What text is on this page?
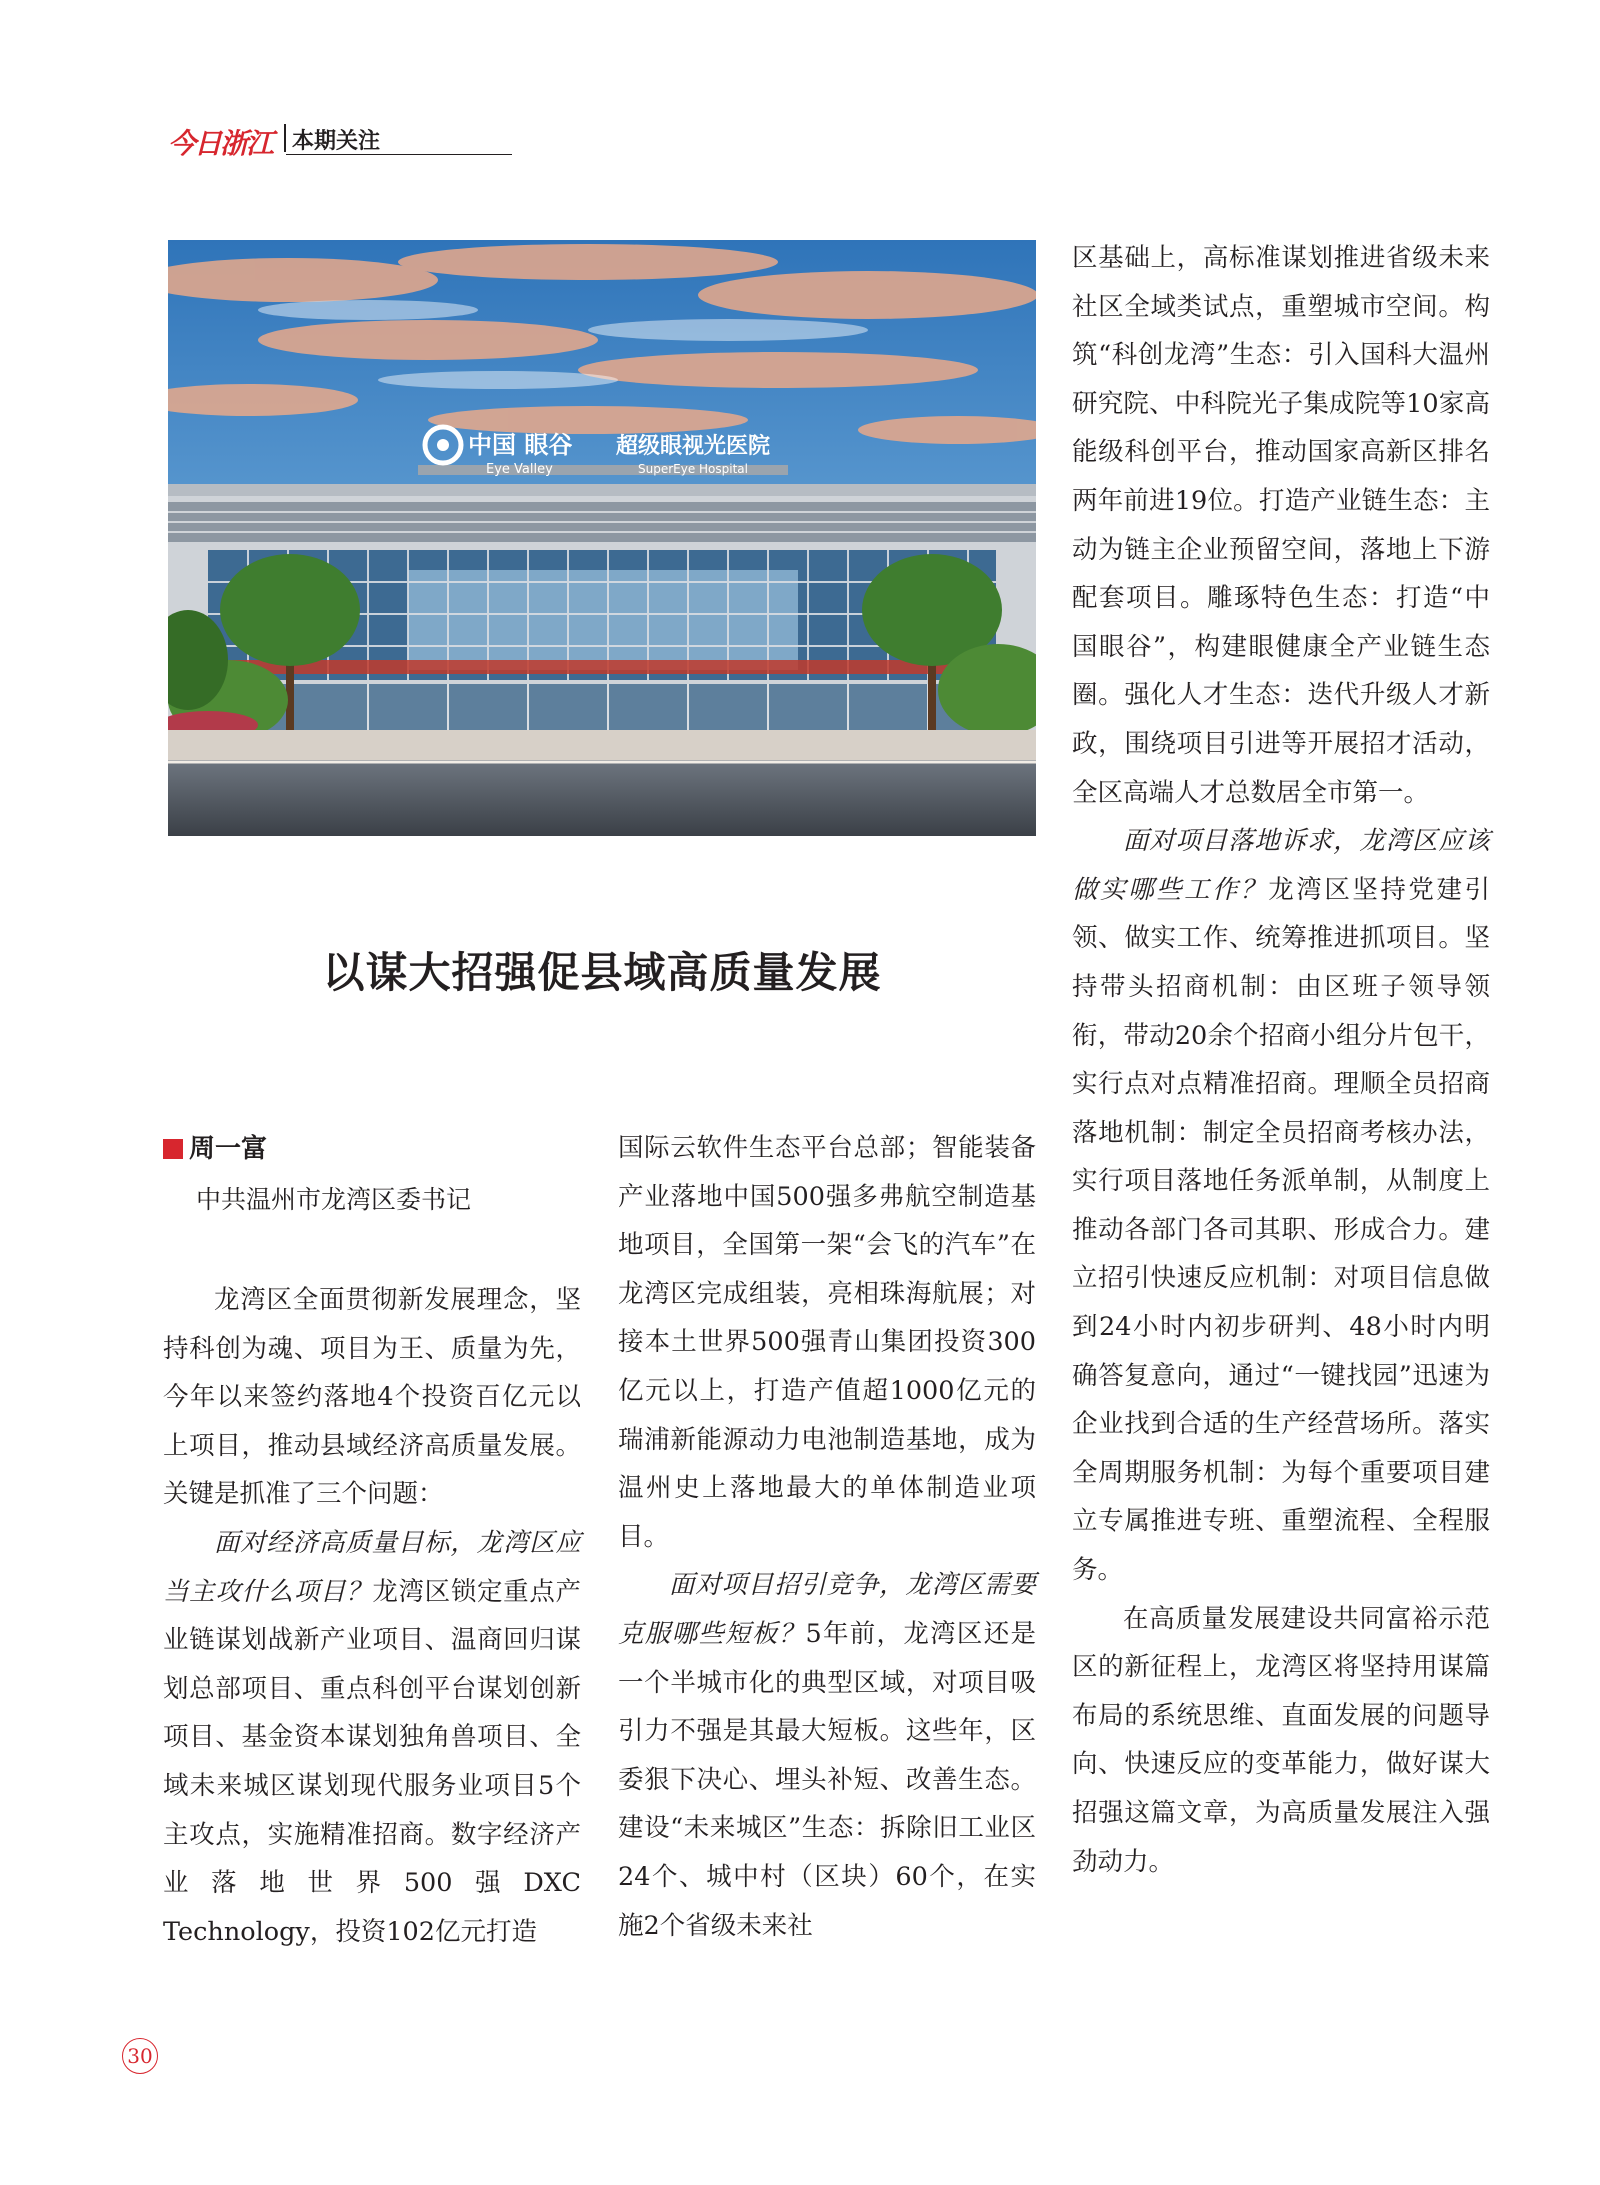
今日浙江 本期关注
中国 眼谷
Eye Valley
超级眼视光医院
SuperEye Hospital
以谋大招强促县域高质量发展
周一富
中共温州市龙湾区委书记

龙湾区全面贯彻新发展理念，坚持科创为魂、项目为王、质量为先，今年以来签约落地4个投资百亿元以上项目，推动县域经济高质量发展。关键是抓准了三个问题：

面对经济高质量目标，龙湾区应当主攻什么项目？龙湾区锁定重点产业链谋划战新产业项目、温商回归谋划总部项目、重点科创平台谋划创新项目、基金资本谋划独角兽项目、全域未来城区谋划现代服务业项目5个主攻点，实施精准招商。数字经济产业落地世界500强DXC Technology，投资102亿元打造

国际云软件生态平台总部；智能装备产业落地中国500强多弗航空制造基地项目，全国第一架“会飞的汽车”在龙湾区完成组装，亮相珠海航展；对接本土世界500强青山集团投资300亿元以上，打造产值超1000亿元的瑞浦新能源动力电池制造基地，成为温州史上落地最大的单体制造业项目。

面对项目招引竞争，龙湾区需要克服哪些短板？5年前，龙湾区还是一个半城市化的典型区域，对项目吸引力不强是其最大短板。这些年，区委狠下决心、埋头补短、改善生态。建设“未来城区”生态：拆除旧工业区24个、城中村（区块）60个，在实施2个省级未来社

区基础上，高标准谋划推进省级未来社区全域类试点，重塑城市空间。构筑“科创龙湾”生态：引入国科大温州研究院、中科院光子集成院等10家高能级科创平台，推动国家高新区排名两年前进19位。打造产业链生态：主动为链主企业预留空间，落地上下游配套项目。雕琢特色生态：打造“中国眼谷”，构建眼健康全产业链生态圈。强化人才生态：迭代升级人才新政，围绕项目引进等开展招才活动，全区高端人才总数居全市第一。

面对项目落地诉求，龙湾区应该做实哪些工作？龙湾区坚持党建引领、做实工作、统筹推进抓项目。坚持带头招商机制：由区班子领导领衔，带动20余个招商小组分片包干，实行点对点精准招商。理顺全员招商落地机制：制定全员招商考核办法，实行项目落地任务派单制，从制度上推动各部门各司其职、形成合力。建立招引快速反应机制：对项目信息做到24小时内初步研判、48小时内明确答复意向，通过“一键找园”迅速为企业找到合适的生产经营场所。落实全周期服务机制：为每个重要项目建立专属推进专班、重塑流程、全程服务。

在高质量发展建设共同富裕示范区的新征程上，龙湾区将坚持用谋篇布局的系统思维、直面发展的问题导向、快速反应的变革能力，做好谋大招强这篇文章，为高质量发展注入强劲动力。

30
